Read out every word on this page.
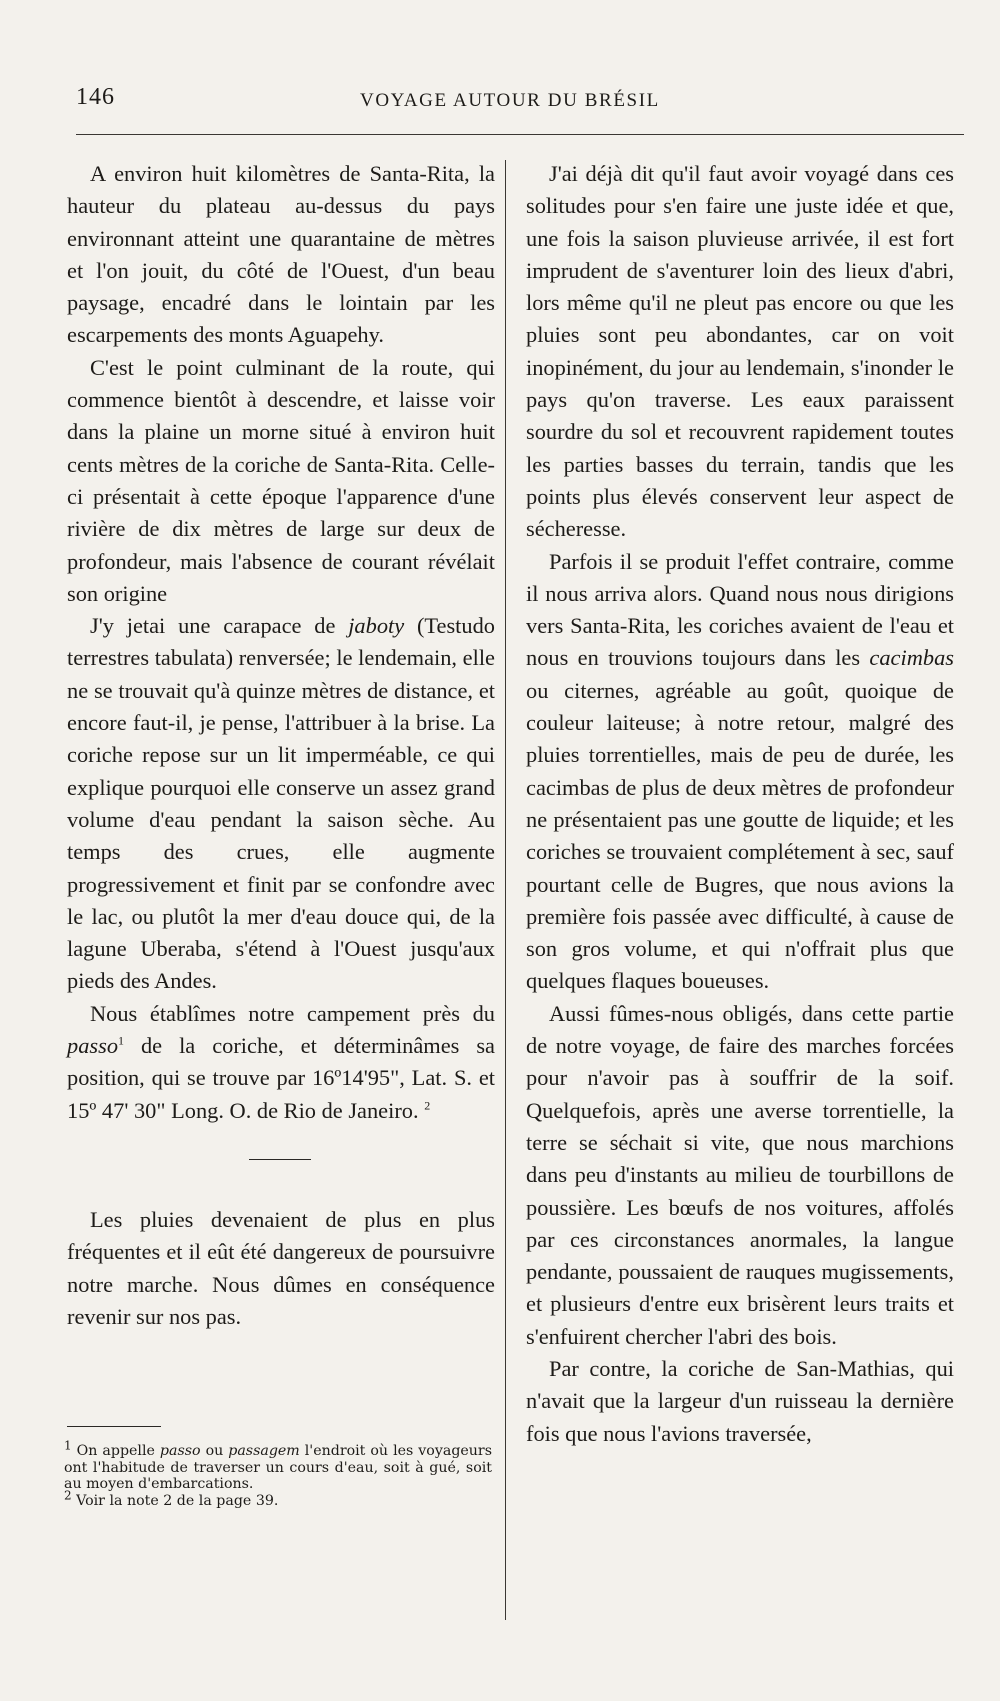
146	VOYAGE AUTOUR DU BRÉSIL

A environ huit kilomètres de Santa-Rita, la hauteur du plateau au-dessus du pays environnant atteint une quarantaine de mètres et l'on jouit, du côté de l'Ouest, d'un beau paysage, encadré dans le lointain par les escarpements des monts Aguapehy.

C'est le point culminant de la route, qui commence bientôt à descendre, et laisse voir dans la plaine un morne situé à environ huit cents mètres de la coriche de Santa-Rita. Celle-ci présentait à cette époque l'apparence d'une rivière de dix mètres de large sur deux de profondeur, mais l'absence de courant révélait son origine

J'y jetai une carapace de jaboty (Testudo terrestres tabulata) renversée; le lendemain, elle ne se trouvait qu'à quinze mètres de distance, et encore faut-il, je pense, l'attribuer à la brise. La coriche repose sur un lit imperméable, ce qui explique pourquoi elle conserve un assez grand volume d'eau pendant la saison sèche. Au temps des crues, elle augmente progressivement et finit par se confondre avec le lac, ou plutôt la mer d'eau douce qui, de la lagune Uberaba, s'étend à l'Ouest jusqu'aux pieds des Andes.

Nous établîmes notre campement près du passo$^1$ de la coriche, et déterminâmes sa position, qui se trouve par 16º14'95", Lat. S. et 15º 47' 30" Long. O. de Rio de Janeiro. $^2$

Les pluies devenaient de plus en plus fréquentes et il eût été dangereux de poursuivre notre marche. Nous dûmes en conséquence revenir sur nos pas.

J'ai déjà dit qu'il faut avoir voyagé dans ces solitudes pour s'en faire une juste idée et que, une fois la saison pluvieuse arrivée, il est fort imprudent de s'aventurer loin des lieux d'abri, lors même qu'il ne pleut pas encore ou que les pluies sont peu abondantes, car on voit inopinément, du jour au lendemain, s'inonder le pays qu'on traverse. Les eaux paraissent sourdre du sol et recouvrent rapidement toutes les parties basses du terrain, tandis que les points plus élevés conservent leur aspect de sécheresse.

Parfois il se produit l'effet contraire, comme il nous arriva alors. Quand nous nous dirigions vers Santa-Rita, les coriches avaient de l'eau et nous en trouvions toujours dans les cacimbas ou citernes, agréable au goût, quoique de couleur laiteuse; à notre retour, malgré des pluies torrentielles, mais de peu de durée, les cacimbas de plus de deux mètres de profondeur ne présentaient pas une goutte de liquide; et les coriches se trouvaient complétement à sec, sauf pourtant celle de Bugres, que nous avions la première fois passée avec difficulté, à cause de son gros volume, et qui n'offrait plus que quelques flaques boueuses.

Aussi fûmes-nous obligés, dans cette partie de notre voyage, de faire des marches forcées pour n'avoir pas à souffrir de la soif. Quelquefois, après une averse torrentielle, la terre se séchait si vite, que nous marchions dans peu d'instants au milieu de tourbillons de poussière. Les bœufs de nos voitures, affolés par ces circonstances anormales, la langue pendante, poussaient de rauques mugissements, et plusieurs d'entre eux brisèrent leurs traits et s'enfuirent chercher l'abri des bois.

Par contre, la coriche de San-Mathias, qui n'avait que la largeur d'un ruisseau la dernière fois que nous l'avions traversée,

$^1$ On appelle passo ou passagem l'endroit où les voyageurs ont l'habitude de traverser un cours d'eau, soit à gué, soit au moyen d'embarcations.

$^2$ Voir la note 2 de la page 39.
